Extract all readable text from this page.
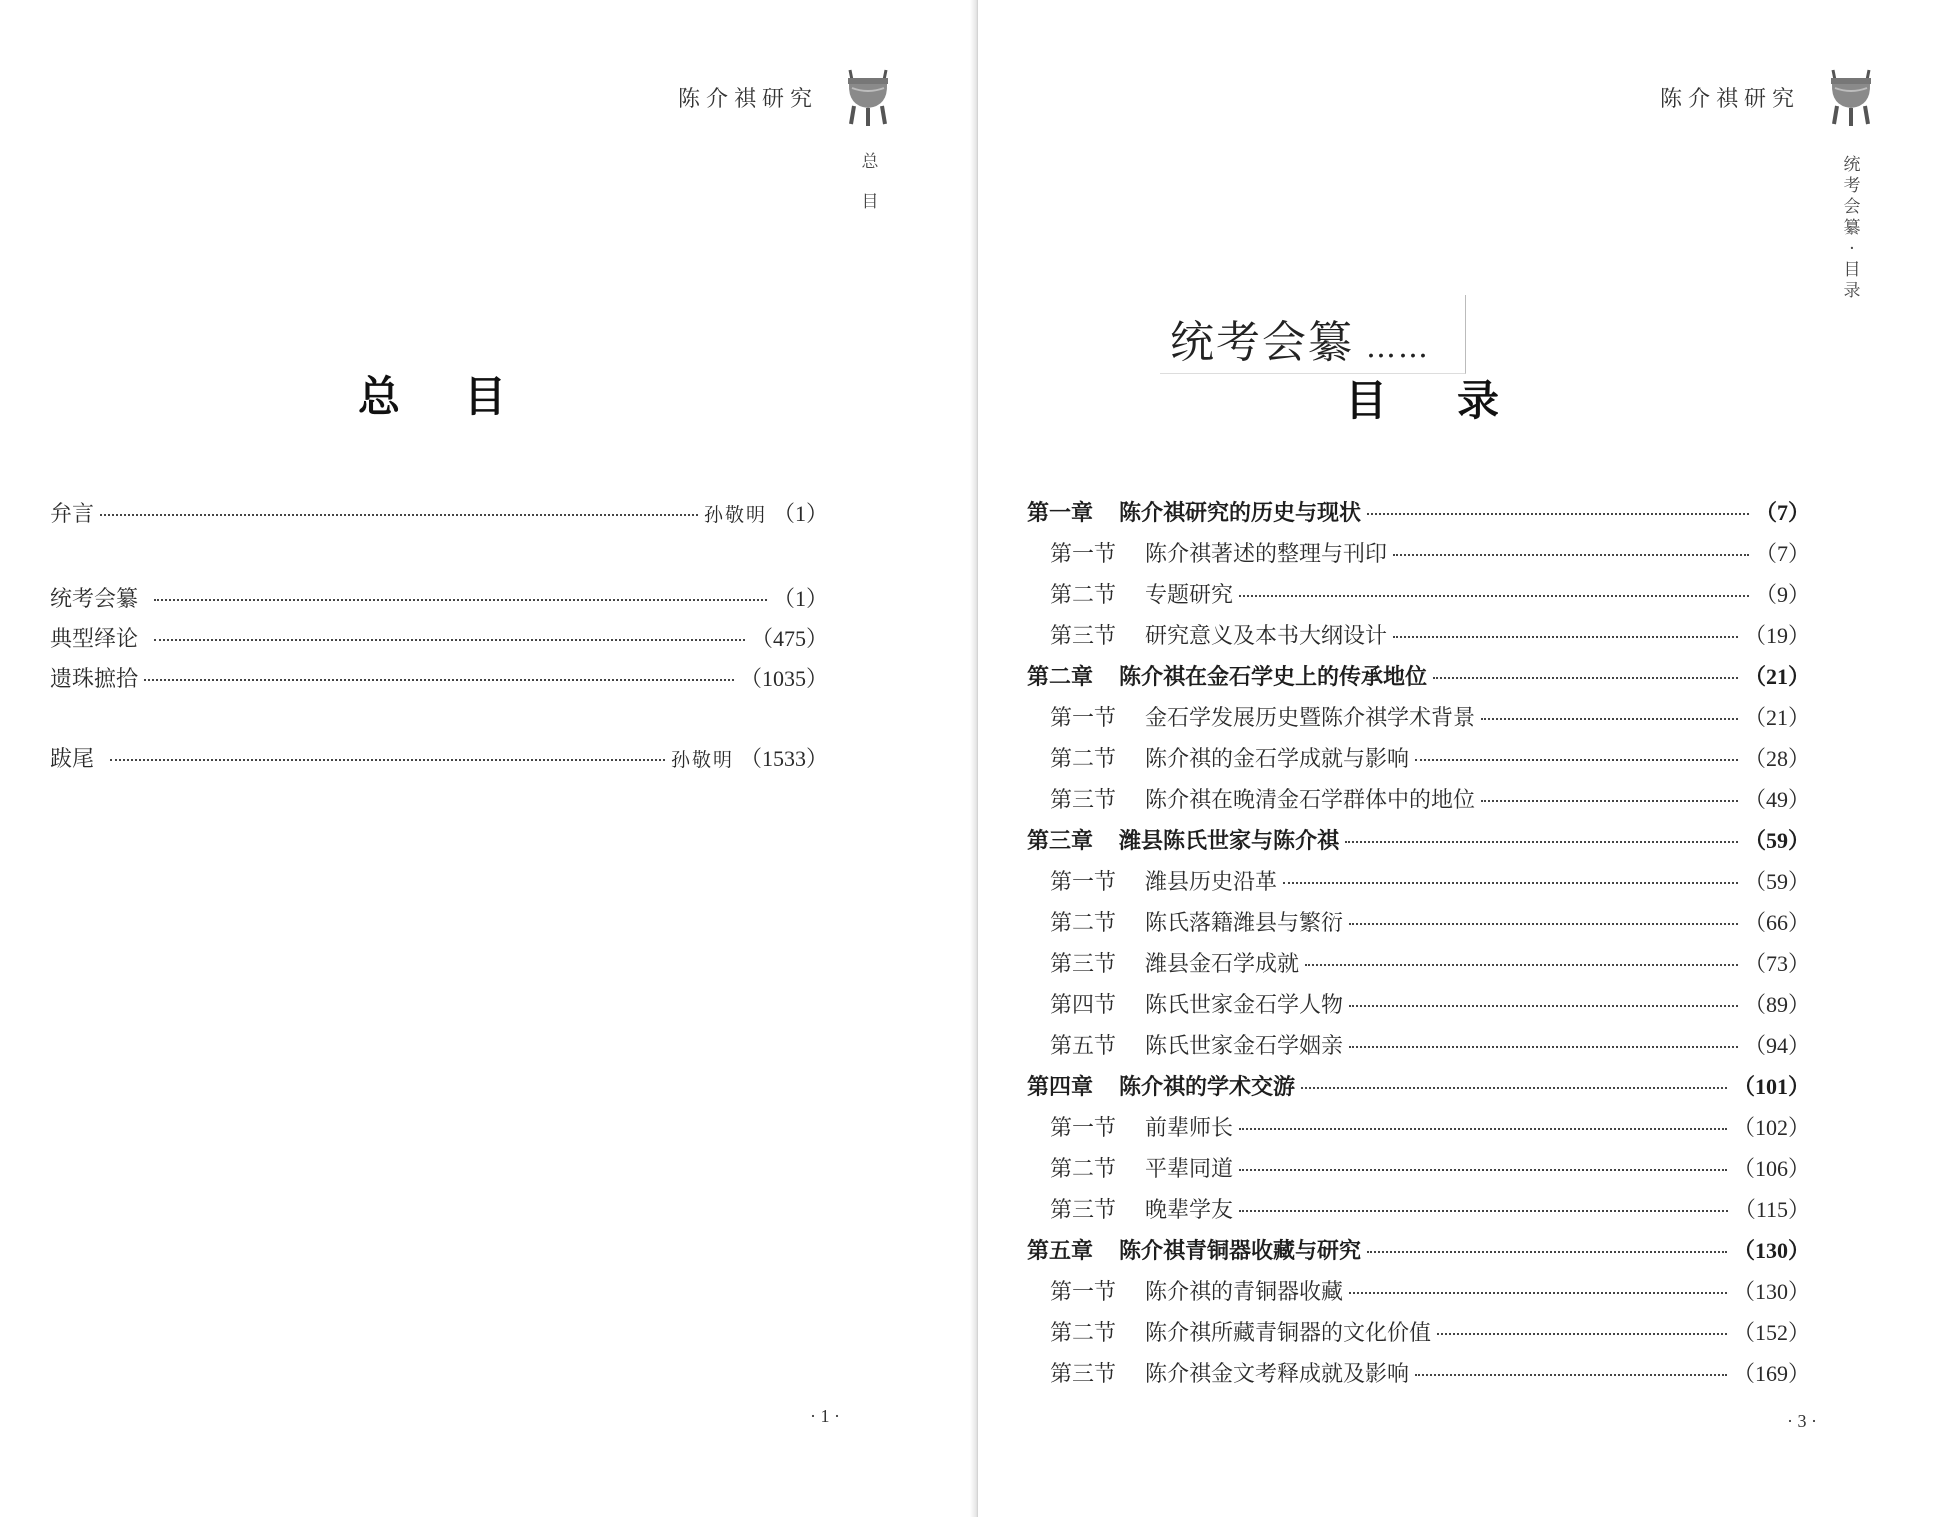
陈介祺研究
总
目
总 目
弁言	孙敬明 （1）
统考会纂	（1）
典型绎论	（475）
遗珠摭拾	（1035）
跋尾	孙敬明 （1533）
· 1 ·
陈介祺研究
统
考
会
纂
·
目
录
统考会纂 ……
目 录
第一章	陈介祺研究的历史与现状	（7）
第一节	陈介祺著述的整理与刊印	（7）
第二节	专题研究	（9）
第三节	研究意义及本书大纲设计	（19）
第二章	陈介祺在金石学史上的传承地位	（21）
第一节	金石学发展历史暨陈介祺学术背景	（21）
第二节	陈介祺的金石学成就与影响	（28）
第三节	陈介祺在晚清金石学群体中的地位	（49）
第三章	潍县陈氏世家与陈介祺	（59）
第一节	潍县历史沿革	（59）
第二节	陈氏落籍潍县与繁衍	（66）
第三节	潍县金石学成就	（73）
第四节	陈氏世家金石学人物	（89）
第五节	陈氏世家金石学姻亲	（94）
第四章	陈介祺的学术交游	（101）
第一节	前辈师长	（102）
第二节	平辈同道	（106）
第三节	晚辈学友	（115）
第五章	陈介祺青铜器收藏与研究	（130）
第一节	陈介祺的青铜器收藏	（130）
第二节	陈介祺所藏青铜器的文化价值	（152）
第三节	陈介祺金文考释成就及影响	（169）
· 3 ·
